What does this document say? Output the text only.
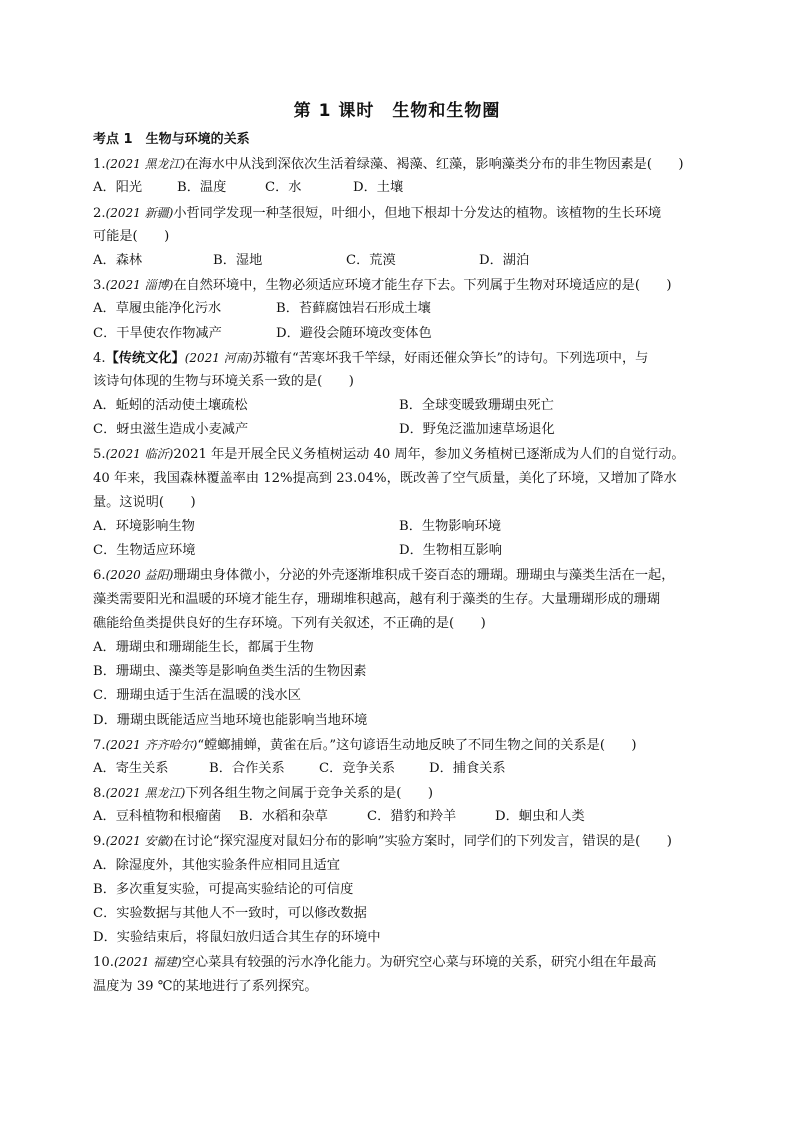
第 1 课时　生物和生物圈
考点 1　生物与环境的关系
1.(2021 黑龙江)在海水中从浅到深依次生活着绿藻、褐藻、红藻，影响藻类分布的非生物因素是(　　)
A．阳光	B．温度	C．水	D．土壤
2.(2021 新疆)小哲同学发现一种茎很短，叶细小，但地下根却十分发达的植物。该植物的生长环境
可能是(　　)
A．森林	B．湿地	C．荒漠	D．湖泊
3.(2021 淄博)在自然环境中，生物必须适应环境才能生存下去。下列属于生物对环境适应的是(　　)
A．草履虫能净化污水	B．苔藓腐蚀岩石形成土壤
C．干旱使农作物减产	D．避役会随环境改变体色
4.【传统文化】(2021 河南)苏辙有“苦寒坏我千竿绿，好雨还催众笋长”的诗句。下列选项中，与
该诗句体现的生物与环境关系一致的是(　　)
A．蚯蚓的活动使土壤疏松	B．全球变暖致珊瑚虫死亡
C．蚜虫滋生造成小麦减产	D．野兔泛滥加速草场退化
5.(2021 临沂)2021 年是开展全民义务植树运动 40 周年，参加义务植树已逐渐成为人们的自觉行动。
40 年来，我国森林覆盖率由 12%提高到 23.04%，既改善了空气质量，美化了环境，又增加了降水
量。这说明(　　)
A．环境影响生物	B．生物影响环境
C．生物适应环境	D．生物相互影响
6.(2020 益阳)珊瑚虫身体微小，分泌的外壳逐渐堆积成千姿百态的珊瑚。珊瑚虫与藻类生活在一起，
藻类需要阳光和温暖的环境才能生存，珊瑚堆积越高，越有利于藻类的生存。大量珊瑚形成的珊瑚
礁能给鱼类提供良好的生存环境。下列有关叙述，不正确的是(　　)
A．珊瑚虫和珊瑚能生长，都属于生物
B．珊瑚虫、藻类等是影响鱼类生活的生物因素
C．珊瑚虫适于生活在温暖的浅水区
D．珊瑚虫既能适应当地环境也能影响当地环境
7.(2021 齐齐哈尔)“螳螂捕蝉，黄雀在后。”这句谚语生动地反映了不同生物之间的关系是(　　)
A．寄生关系	B．合作关系	C．竞争关系	D．捕食关系
8.(2021 黑龙江)下列各组生物之间属于竞争关系的是(　　)
A．豆科植物和根瘤菌	B．水稻和杂草	C．猎豹和羚羊	D．蛔虫和人类
9.(2021 安徽)在讨论“探究湿度对鼠妇分布的影响”实验方案时，同学们的下列发言，错误的是(　　)
A．除湿度外，其他实验条件应相同且适宜
B．多次重复实验，可提高实验结论的可信度
C．实验数据与其他人不一致时，可以修改数据
D．实验结束后，将鼠妇放归适合其生存的环境中
10.(2021 福建)空心菜具有较强的污水净化能力。为研究空心菜与环境的关系，研究小组在年最高
温度为 39 ℃的某地进行了系列探究。
